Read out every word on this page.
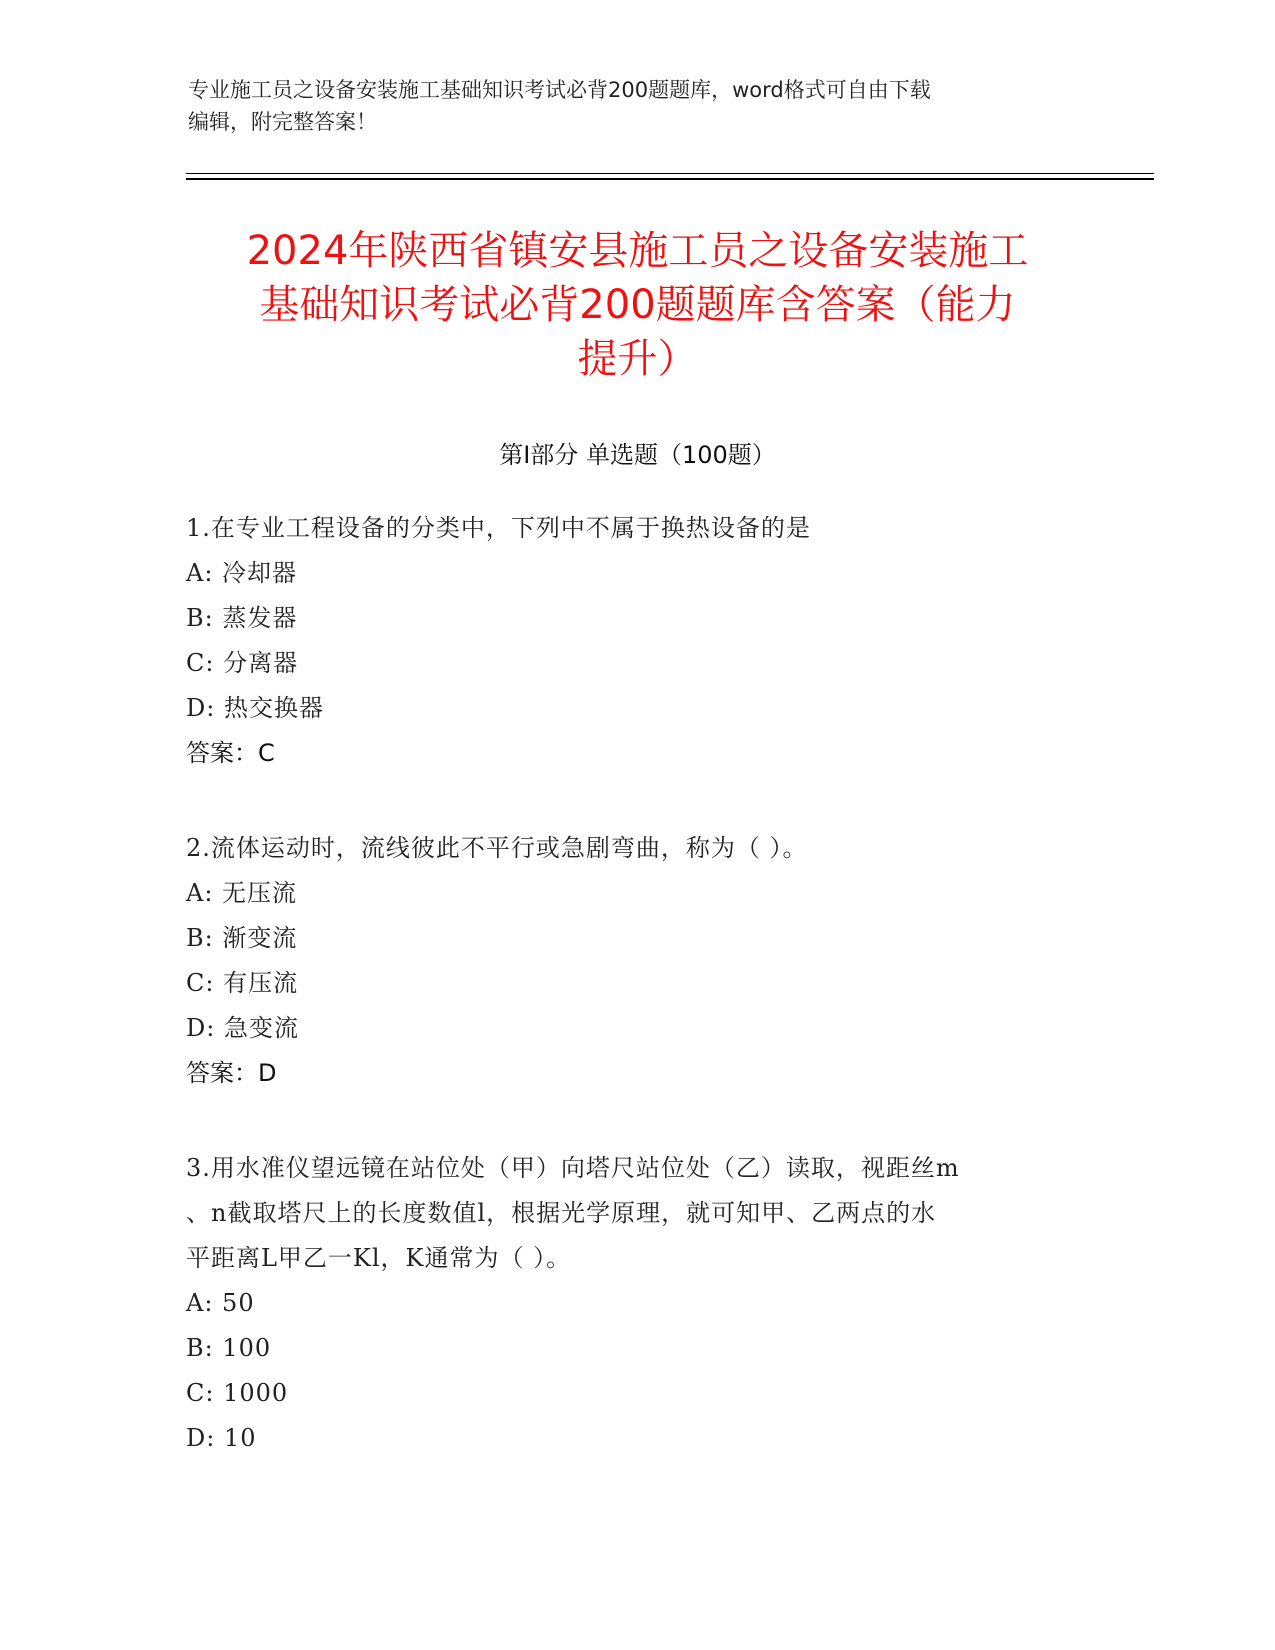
专业施工员之设备安装施工基础知识考试必背200题题库，word格式可自由下载
编辑，附完整答案！
2024年陕西省镇安县施工员之设备安装施工
基础知识考试必背200题题库含答案（能力
提升）
第I部分 单选题（100题）

1.在专业工程设备的分类中，下列中不属于换热设备的是

A: 冷却器

B: 蒸发器

C: 分离器

D: 热交换器

答案：C

2.流体运动时，流线彼此不平行或急剧弯曲，称为（ ）。

A: 无压流

B: 渐变流

C: 有压流

D: 急变流

答案：D

3.用水准仪望远镜在站位处（甲）向塔尺站位处（乙）读取，视距丝m

、n截取塔尺上的长度数值l，根据光学原理，就可知甲、乙两点的水

平距离L甲乙一Kl，K通常为（ ）。

A: 50

B: 100

C: 1000

D: 10
